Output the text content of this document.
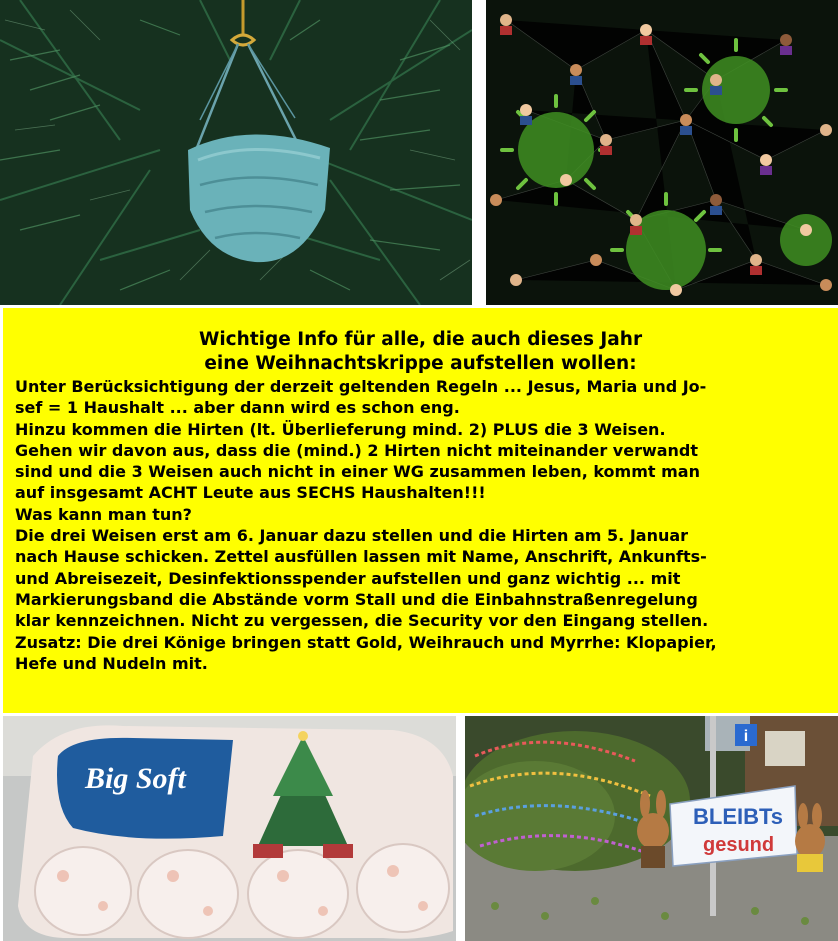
Wichtige Info für alle, die auch dieses Jahr
eine Weihnachtskrippe aufstellen wollen:

Unter Berücksichtigung der derzeit geltenden Regeln ... Jesus, Maria und Jo-
sef = 1 Haushalt ... aber dann wird es schon eng.
Hinzu kommen die Hirten (lt. Überlieferung mind. 2) PLUS die 3 Weisen.
Gehen wir davon aus, dass die (mind.) 2 Hirten nicht miteinander verwandt
sind und die 3 Weisen auch nicht in einer WG zusammen leben, kommt man
auf insgesamt ACHT Leute aus SECHS Haushalten!!!
Was kann man tun?
Die drei Weisen erst am 6. Januar dazu stellen und die Hirten am 5. Januar
nach Hause schicken. Zettel ausfüllen lassen mit Name, Anschrift, Ankunfts-
und Abreisezeit, Desinfektionsspender aufstellen und ganz wichtig ... mit
Markierungsband die Abstände vorm Stall und die Einbahnstraßenregelung
klar kennzeichnen. Nicht zu vergessen, die Security vor den Eingang stellen.
Zusatz: Die drei Könige bringen statt Gold, Weihrauch und Myrrhe: Klopapier,
Hefe und Nudeln mit.

Big Soft
i
BLEIBTs
gesund
